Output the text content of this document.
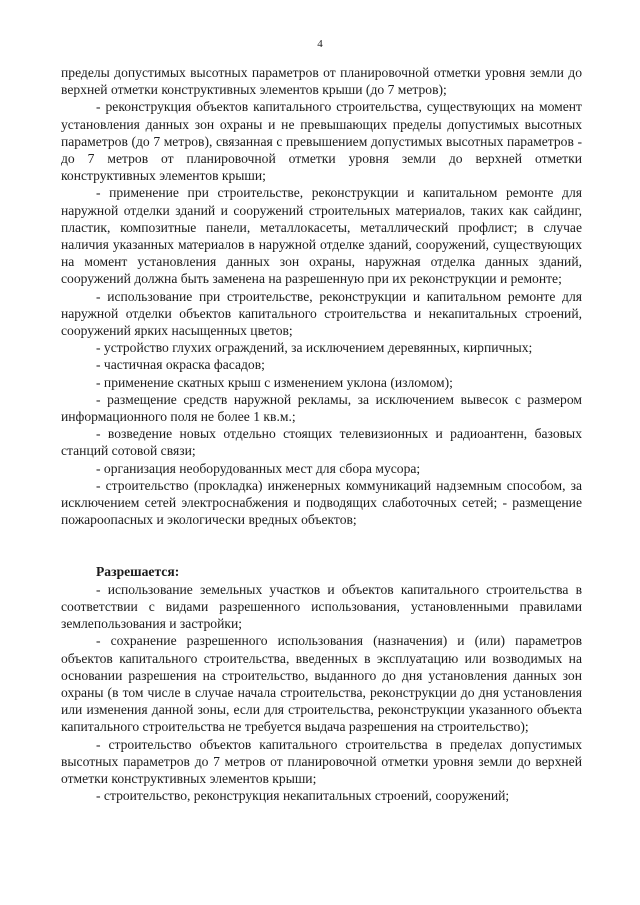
4

пределы допустимых высотных параметров от планировочной отметки уровня земли до верхней отметки конструктивных элементов крыши (до 7 метров);

- реконструкция объектов капитального строительства, существующих на момент установления данных зон охраны и не превышающих пределы допустимых высотных параметров (до 7 метров), связанная с превышением допустимых высотных параметров - до 7 метров от планировочной отметки уровня земли до верхней отметки конструктивных элементов крыши;

- применение при строительстве, реконструкции и капитальном ремонте для наружной отделки зданий и сооружений строительных материалов, таких как сайдинг, пластик, композитные панели, металлокасеты, металлический профлист; в случае наличия указанных материалов в наружной отделке зданий, сооружений, существующих на момент установления данных зон охраны, наружная отделка данных зданий, сооружений должна быть заменена на разрешенную при их реконструкции и ремонте;

- использование при строительстве, реконструкции и капитальном ремонте для наружной отделки объектов капитального строительства и некапитальных строений, сооружений ярких насыщенных цветов;

- устройство глухих ограждений, за исключением деревянных, кирпичных;

- частичная окраска фасадов;

- применение скатных крыш с изменением уклона (изломом);

- размещение средств наружной рекламы, за исключением вывесок с размером информационного поля не более 1 кв.м.;

- возведение новых отдельно стоящих телевизионных и радиоантенн, базовых станций сотовой связи;

- организация необорудованных мест для сбора мусора;

- строительство (прокладка) инженерных коммуникаций надземным способом, за исключением сетей электроснабжения и подводящих слаботочных сетей; - размещение пожароопасных и экологически вредных объектов;

Разрешается:

- использование земельных участков и объектов капитального строительства в соответствии с видами разрешенного использования, установленными правилами землепользования и застройки;

- сохранение разрешенного использования (назначения) и (или) параметров объектов капитального строительства, введенных в эксплуатацию или возводимых на основании разрешения на строительство, выданного до дня установления данных зон охраны (в том числе в случае начала строительства, реконструкции до дня установления или изменения данной зоны, если для строительства, реконструкции указанного объекта капитального строительства не требуется выдача разрешения на строительство);

- строительство объектов капитального строительства в пределах допустимых высотных параметров до 7 метров от планировочной отметки уровня земли до верхней отметки конструктивных элементов крыши;

- строительство, реконструкция некапитальных строений, сооружений;
